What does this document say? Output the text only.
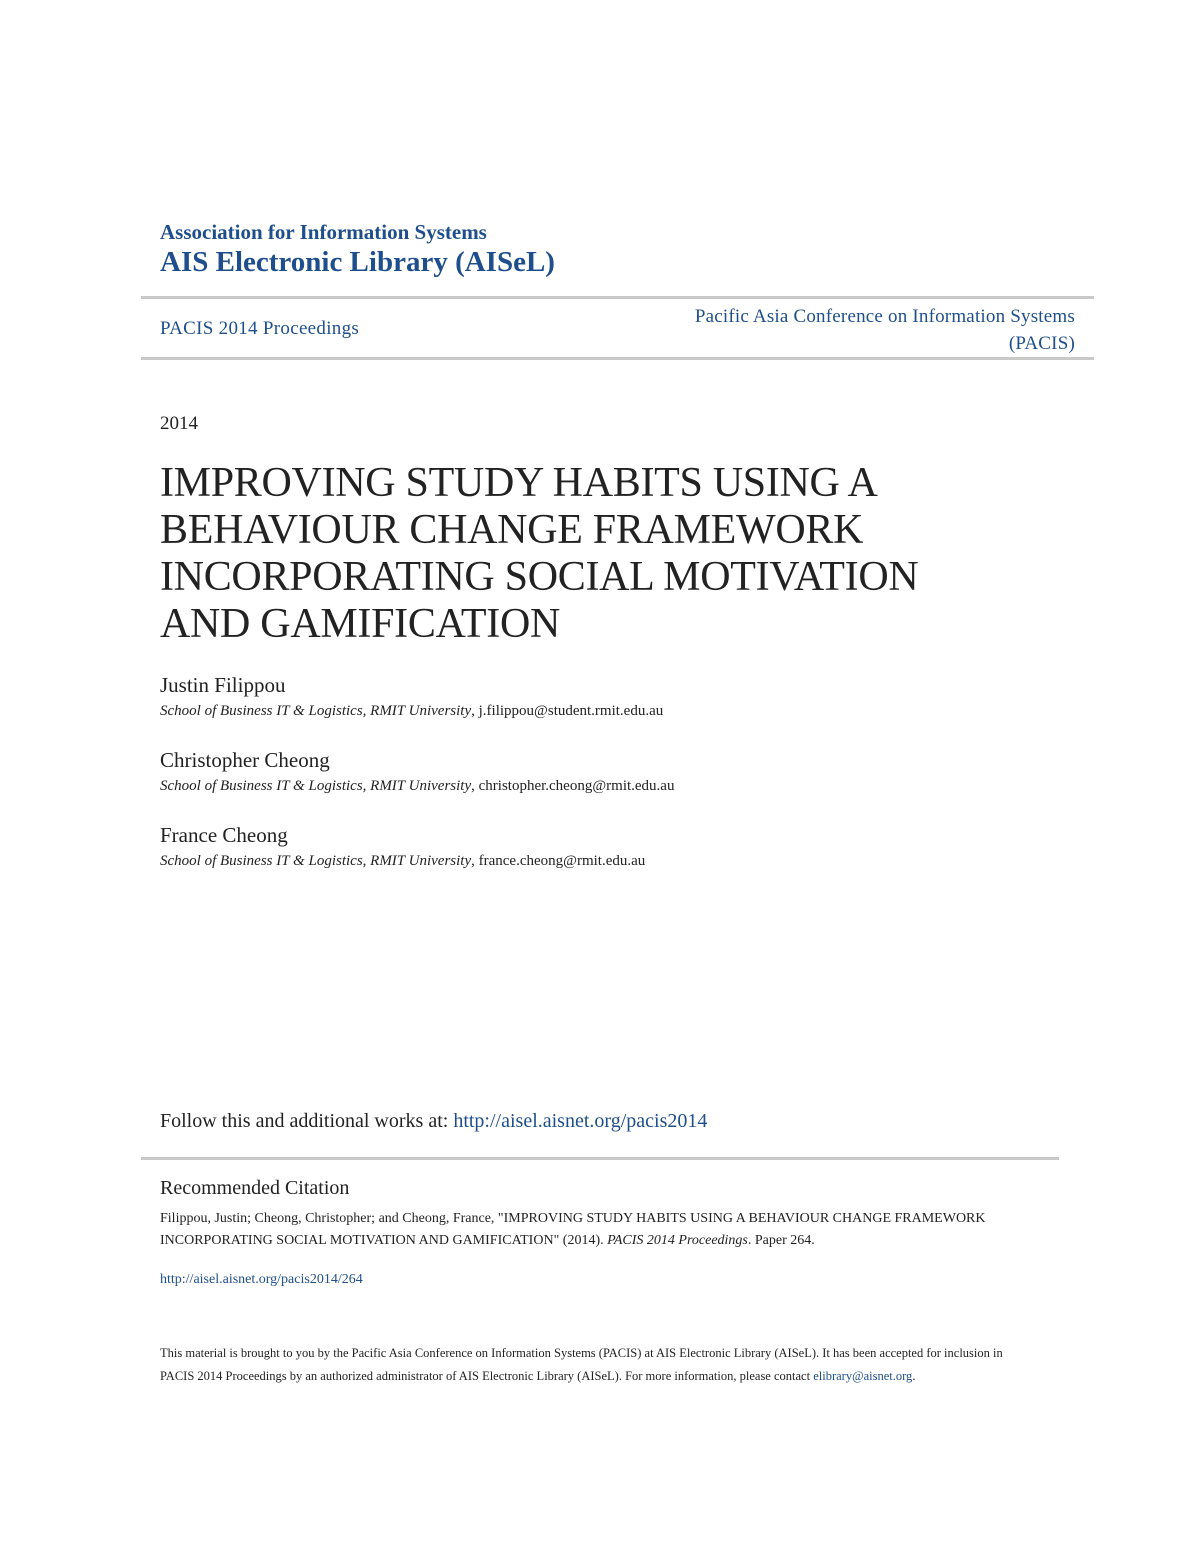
Association for Information Systems
AIS Electronic Library (AISeL)
PACIS 2014 Proceedings
Pacific Asia Conference on Information Systems
(PACIS)
2014
IMPROVING STUDY HABITS USING A
BEHAVIOUR CHANGE FRAMEWORK
INCORPORATING SOCIAL MOTIVATION
AND GAMIFICATION
Justin Filippou
School of Business IT & Logistics, RMIT University, j.filippou@student.rmit.edu.au
Christopher Cheong
School of Business IT & Logistics, RMIT University, christopher.cheong@rmit.edu.au
France Cheong
School of Business IT & Logistics, RMIT University, france.cheong@rmit.edu.au
Follow this and additional works at: http://aisel.aisnet.org/pacis2014
Recommended Citation
Filippou, Justin; Cheong, Christopher; and Cheong, France, "IMPROVING STUDY HABITS USING A BEHAVIOUR CHANGE FRAMEWORK INCORPORATING SOCIAL MOTIVATION AND GAMIFICATION" (2014). PACIS 2014 Proceedings. Paper 264.
http://aisel.aisnet.org/pacis2014/264
This material is brought to you by the Pacific Asia Conference on Information Systems (PACIS) at AIS Electronic Library (AISeL). It has been accepted for inclusion in PACIS 2014 Proceedings by an authorized administrator of AIS Electronic Library (AISeL). For more information, please contact elibrary@aisnet.org.
